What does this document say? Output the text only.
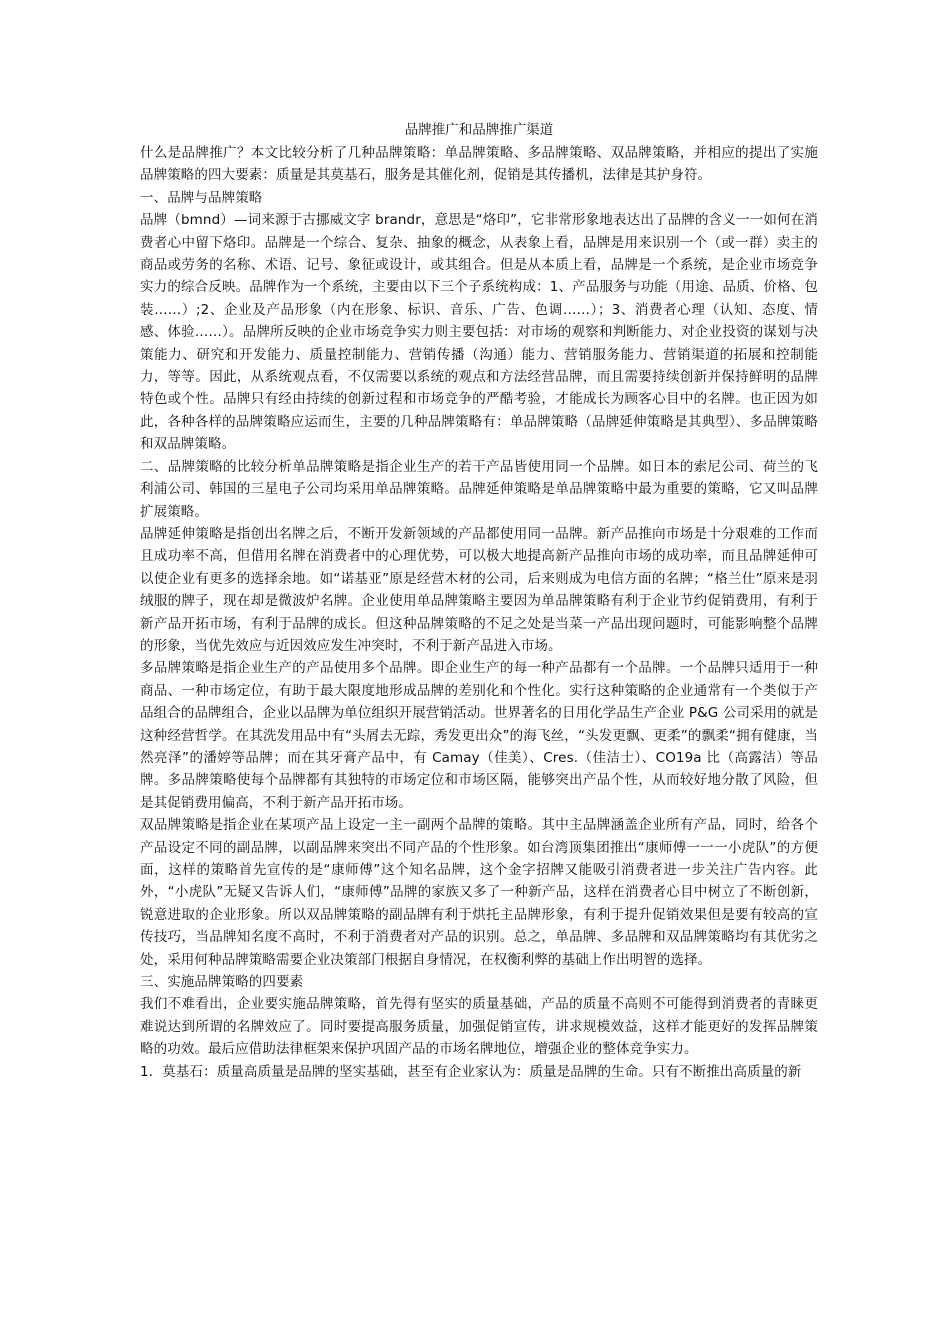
品牌推广和品牌推广渠道

什么是品牌推广？本文比较分析了几种品牌策略：单品牌策略、多品牌策略、双品牌策略，并相应的提出了实施品牌策略的四大要素：质量是其莫基石，服务是其催化剂，促销是其传播机，法律是其护身符。

一、品牌与品牌策略

品牌（bmnd）—词来源于古挪威文字 brandr，意思是“烙印”，它非常形象地表达出了品牌的含义一一如何在消费者心中留下烙印。品牌是一个综合、复杂、抽象的概念，从表象上看，品牌是用来识别一个（或一群）卖主的商品或劳务的名称、术语、记号、象征或设计，或其组合。但是从本质上看，品牌是一个系统，是企业市场竞争实力的综合反映。品牌作为一个系统，主要由以下三个子系统构成：1、产品服务与功能（用途、品质、价格、包装……）;2、企业及产品形象（内在形象、标识、音乐、广告、色调……）；3、消费者心理（认知、态度、情感、体验……）。品牌所反映的企业市场竞争实力则主要包括：对市场的观察和判断能力、对企业投资的谋划与决策能力、研究和开发能力、质量控制能力、营销传播（沟通）能力、营销服务能力、营销渠道的拓展和控制能力，等等。因此，从系统观点看，不仅需要以系统的观点和方法经营品牌，而且需要持续创新并保持鲜明的品牌特色或个性。品牌只有经由持续的创新过程和市场竞争的严酷考验，才能成长为顾客心目中的名牌。也正因为如此，各种各样的品牌策略应运而生，主要的几种品牌策略有：单品牌策略（品牌延伸策略是其典型）、多品牌策略和双品牌策略。

二、品牌策略的比较分析单品牌策略是指企业生产的若干产品皆使用同一个品牌。如日本的索尼公司、荷兰的飞利浦公司、韩国的三星电子公司均采用单品牌策略。品牌延伸策略是单品牌策略中最为重要的策略，它又叫品牌扩展策略。

品牌延伸策略是指创出名牌之后，不断开发新领域的产品都使用同一品牌。新产品推向市场是十分艰难的工作而且成功率不高，但借用名牌在消费者中的心理优势，可以极大地提高新产品推向市场的成功率，而且品牌延伸可以使企业有更多的选择余地。如“诺基亚”原是经营木材的公司，后来则成为电信方面的名牌；“格兰仕”原来是羽绒服的牌子，现在却是微波炉名牌。企业使用单品牌策略主要因为单品牌策略有利于企业节约促销费用，有利于新产品开拓市场，有利于品牌的成长。但这种品牌策略的不足之处是当菜一产品出现问题时，可能影响整个品牌的形象，当优先效应与近因效应发生冲突时，不利于新产品进入市场。

多品牌策略是指企业生产的产品使用多个品牌。即企业生产的每一种产品都有一个品牌。一个品牌只适用于一种商品、一种市场定位，有助于最大限度地形成品牌的差别化和个性化。实行这种策略的企业通常有一个类似于产品组合的品牌组合，企业以品牌为单位组织开展营销活动。世界著名的日用化学品生产企业 P&G 公司采用的就是这种经营哲学。在其洗发用品中有“头屑去无踪，秀发更出众”的海飞丝，“头发更飘、更柔”的飘柔“拥有健康，当然亮泽”的潘婷等品牌；而在其牙膏产品中，有 Camay（佳美）、Cres.（佳洁士）、CO19a 比（高露洁）等品牌。多品牌策略使每个品牌都有其独特的市场定位和市场区隔，能够突出产品个性，从而较好地分散了风险，但是其促销费用偏高，不利于新产品开拓市场。

双品牌策略是指企业在某项产品上设定一主一副两个品牌的策略。其中主品牌涵盖企业所有产品，同时，给各个产品设定不同的副品牌，以副品牌来突出不同产品的个性形象。如台湾顶集团推出“康师傅一一一小虎队”的方便面，这样的策略首先宣传的是“康师傅”这个知名品牌，这个金字招牌又能吸引消费者进一步关注广告内容。此外，“小虎队”无疑又告诉人们，“康师傅”品牌的家族又多了一种新产品，这样在消费者心目中树立了不断创新，锐意进取的企业形象。所以双品牌策略的副品牌有利于烘托主品牌形象，有利于提升促销效果但是要有较高的宣传技巧，当品牌知名度不高时，不利于消费者对产品的识别。总之，单品牌、多品牌和双品牌策略均有其优劣之处，采用何种品牌策略需要企业决策部门根据自身情况，在权衡利弊的基础上作出明智的选择。

三、实施品牌策略的四要素

我们不难看出，企业要实施品牌策略，首先得有坚实的质量基础，产品的质量不高则不可能得到消费者的青睐更难说达到所谓的名牌效应了。同时要提高服务质量，加强促销宣传，讲求规模效益，这样才能更好的发挥品牌策略的功效。最后应借助法律框架来保护巩固产品的市场名牌地位，增强企业的整体竞争实力。

1．莫基石：质量高质量是品牌的坚实基础，甚至有企业家认为：质量是品牌的生命。只有不断推出高质量的新
